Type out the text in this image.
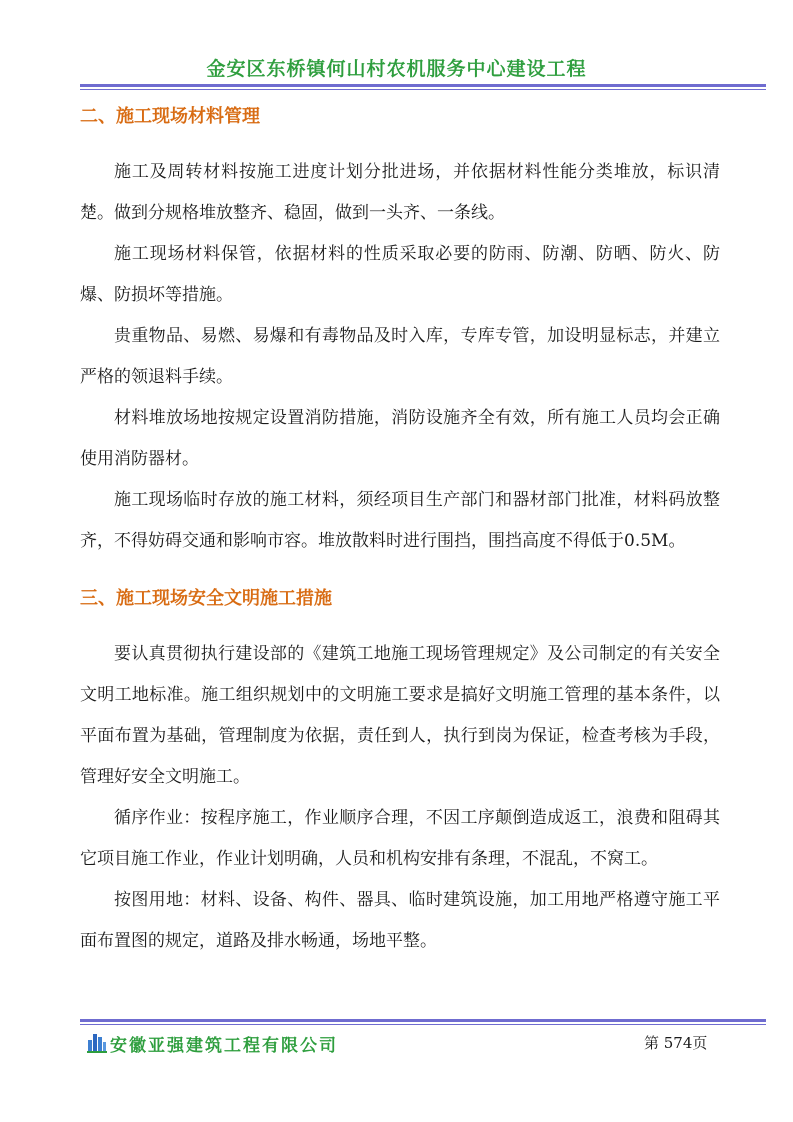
金安区东桥镇何山村农机服务中心建设工程
二、施工现场材料管理

施工及周转材料按施工进度计划分批进场，并依据材料性能分类堆放，标识清楚。做到分规格堆放整齐、稳固，做到一头齐、一条线。

施工现场材料保管，依据材料的性质采取必要的防雨、防潮、防晒、防火、防爆、防损坏等措施。

贵重物品、易燃、易爆和有毒物品及时入库，专库专管，加设明显标志，并建立严格的领退料手续。

材料堆放场地按规定设置消防措施，消防设施齐全有效，所有施工人员均会正确使用消防器材。

施工现场临时存放的施工材料，须经项目生产部门和器材部门批准，材料码放整齐，不得妨碍交通和影响市容。堆放散料时进行围挡，围挡高度不得低于0.5M。

三、施工现场安全文明施工措施

要认真贯彻执行建设部的《建筑工地施工现场管理规定》及公司制定的有关安全文明工地标准。施工组织规划中的文明施工要求是搞好文明施工管理的基本条件，以平面布置为基础，管理制度为依据，责任到人，执行到岗为保证，检查考核为手段，管理好安全文明施工。

循序作业：按程序施工，作业顺序合理，不因工序颠倒造成返工，浪费和阻碍其它项目施工作业，作业计划明确，人员和机构安排有条理，不混乱，不窝工。

按图用地：材料、设备、构件、器具、临时建筑设施，加工用地严格遵守施工平面布置图的规定，道路及排水畅通，场地平整。

安徽亚强建筑工程有限公司	第 574页
